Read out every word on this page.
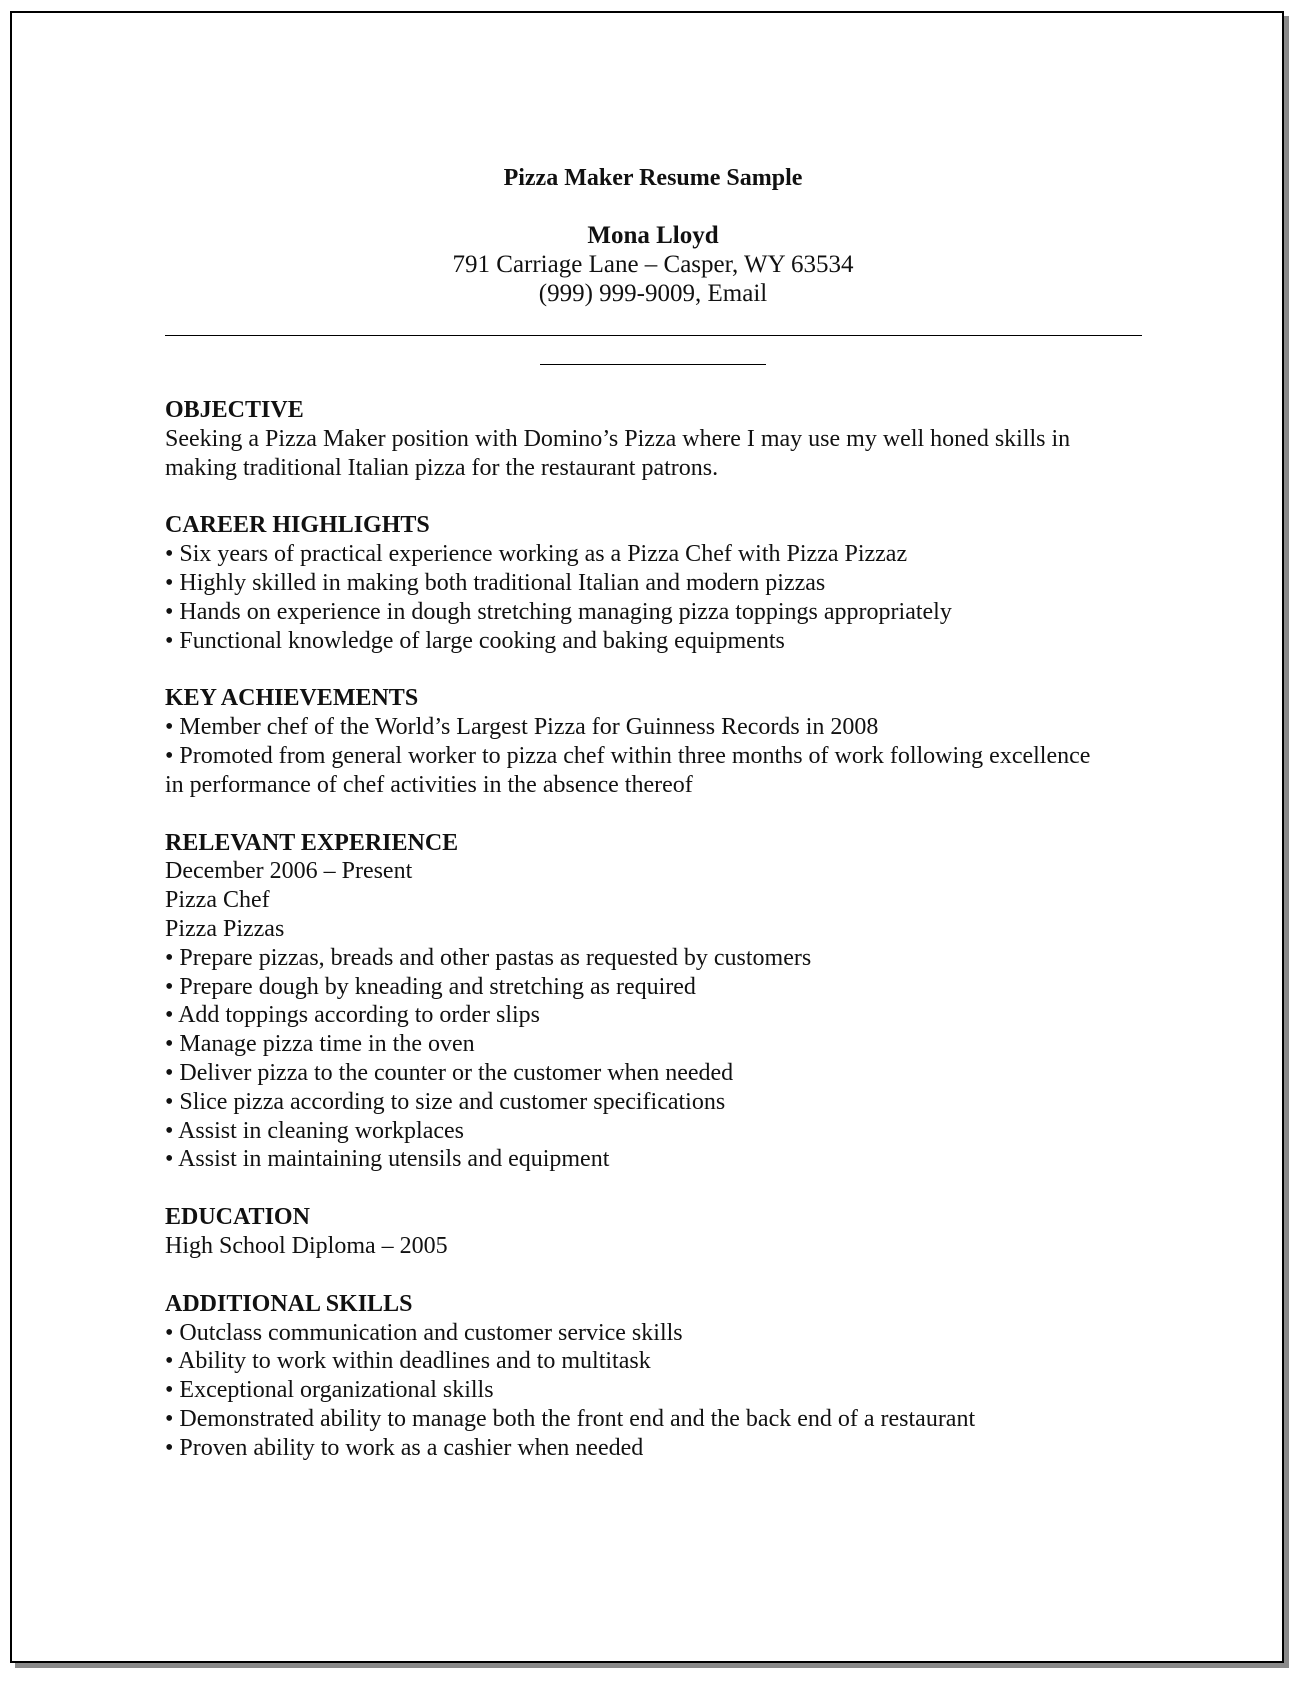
Pizza Maker Resume Sample
Mona Lloyd
791 Carriage Lane – Casper, WY 63534
(999) 999-9009, Email
OBJECTIVE
Seeking a Pizza Maker position with Domino’s Pizza where I may use my well honed skills in
making traditional Italian pizza for the restaurant patrons.
CAREER HIGHLIGHTS
• Six years of practical experience working as a Pizza Chef with Pizza Pizzaz
• Highly skilled in making both traditional Italian and modern pizzas
• Hands on experience in dough stretching managing pizza toppings appropriately
• Functional knowledge of large cooking and baking equipments
KEY ACHIEVEMENTS
• Member chef of the World’s Largest Pizza for Guinness Records in 2008
• Promoted from general worker to pizza chef within three months of work following excellence
in performance of chef activities in the absence thereof
RELEVANT EXPERIENCE
December 2006 – Present
Pizza Chef
Pizza Pizzas
• Prepare pizzas, breads and other pastas as requested by customers
• Prepare dough by kneading and stretching as required
• Add toppings according to order slips
• Manage pizza time in the oven
• Deliver pizza to the counter or the customer when needed
• Slice pizza according to size and customer specifications
• Assist in cleaning workplaces
• Assist in maintaining utensils and equipment
EDUCATION
High School Diploma – 2005
ADDITIONAL SKILLS
• Outclass communication and customer service skills
• Ability to work within deadlines and to multitask
• Exceptional organizational skills
• Demonstrated ability to manage both the front end and the back end of a restaurant
• Proven ability to work as a cashier when needed
